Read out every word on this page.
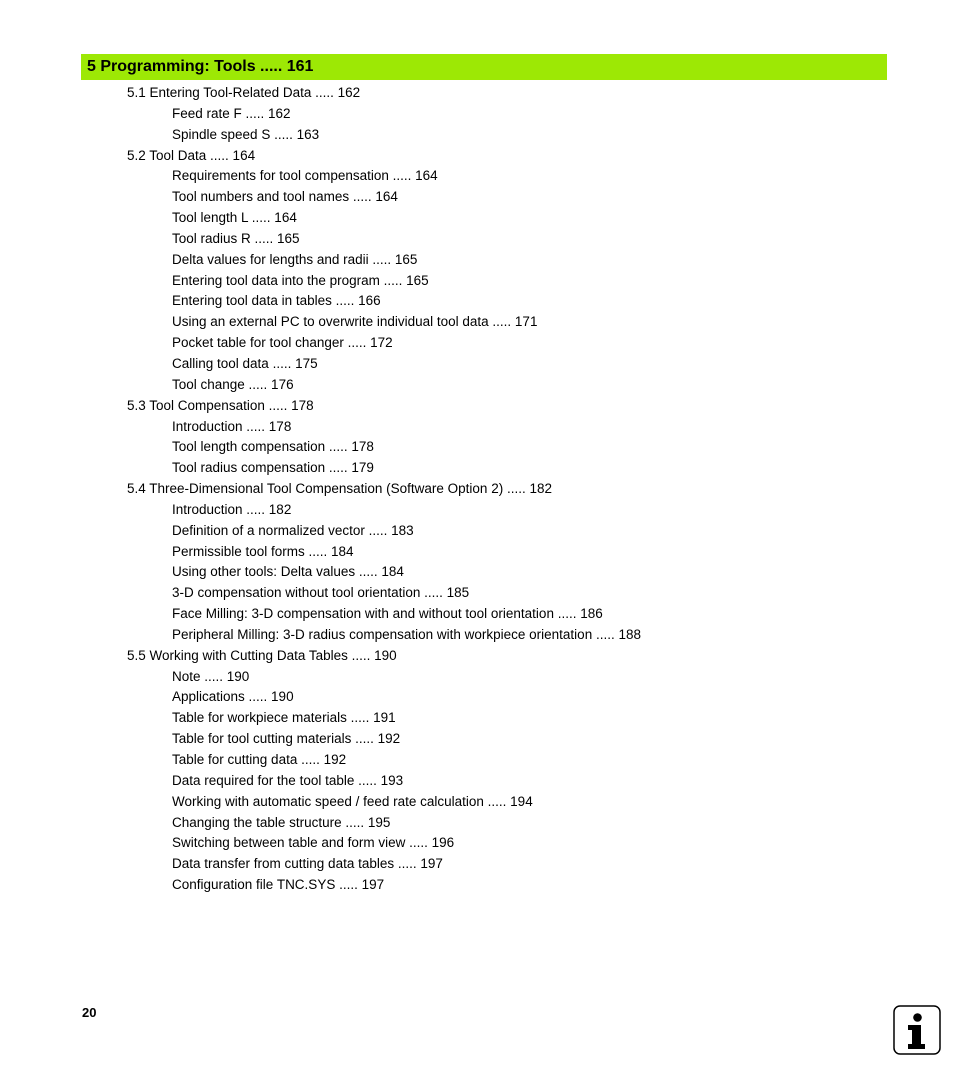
5 Programming: Tools ..... 161
5.1 Entering Tool-Related Data ..... 162
Feed rate F ..... 162
Spindle speed S ..... 163
5.2 Tool Data ..... 164
Requirements for tool compensation ..... 164
Tool numbers and tool names ..... 164
Tool length L ..... 164
Tool radius R ..... 165
Delta values for lengths and radii ..... 165
Entering tool data into the program ..... 165
Entering tool data in tables ..... 166
Using an external PC to overwrite individual tool data ..... 171
Pocket table for tool changer ..... 172
Calling tool data ..... 175
Tool change ..... 176
5.3 Tool Compensation ..... 178
Introduction ..... 178
Tool length compensation ..... 178
Tool radius compensation ..... 179
5.4 Three-Dimensional Tool Compensation (Software Option 2) ..... 182
Introduction ..... 182
Definition of a normalized vector ..... 183
Permissible tool forms ..... 184
Using other tools: Delta values ..... 184
3-D compensation without tool orientation ..... 185
Face Milling: 3-D compensation with and without tool orientation ..... 186
Peripheral Milling: 3-D radius compensation with workpiece orientation ..... 188
5.5 Working with Cutting Data Tables ..... 190
Note ..... 190
Applications ..... 190
Table for workpiece materials ..... 191
Table for tool cutting materials ..... 192
Table for cutting data ..... 192
Data required for the tool table ..... 193
Working with automatic speed / feed rate calculation ..... 194
Changing the table structure ..... 195
Switching between table and form view ..... 196
Data transfer from cutting data tables ..... 197
Configuration file TNC.SYS ..... 197
20
